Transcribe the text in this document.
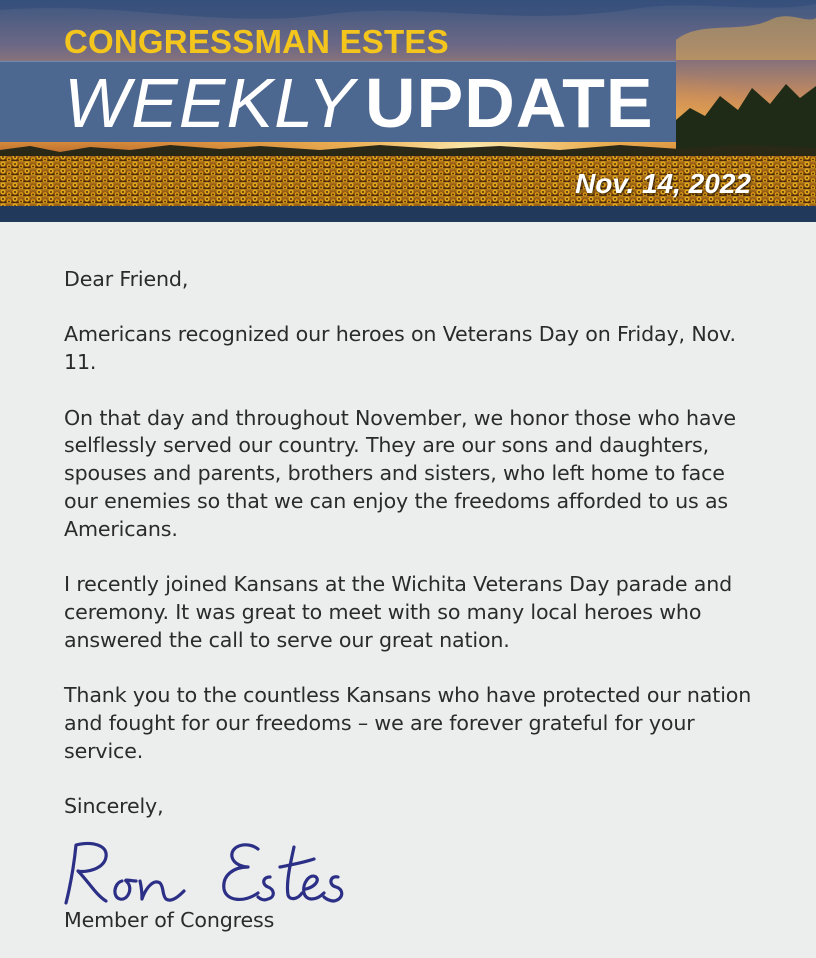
CONGRESSMAN ESTES
WEEKLY UPDATE
Nov. 14, 2022

Dear Friend,

Americans recognized our heroes on Veterans Day on Friday, Nov. 11.

On that day and throughout November, we honor those who have selflessly served our country. They are our sons and daughters, spouses and parents, brothers and sisters, who left home to face our enemies so that we can enjoy the freedoms afforded to us as Americans.

I recently joined Kansans at the Wichita Veterans Day parade and ceremony. It was great to meet with so many local heroes who answered the call to serve our great nation.

Thank you to the countless Kansans who have protected our nation and fought for our freedoms – we are forever grateful for your service.

Sincerely,

Member of Congress
